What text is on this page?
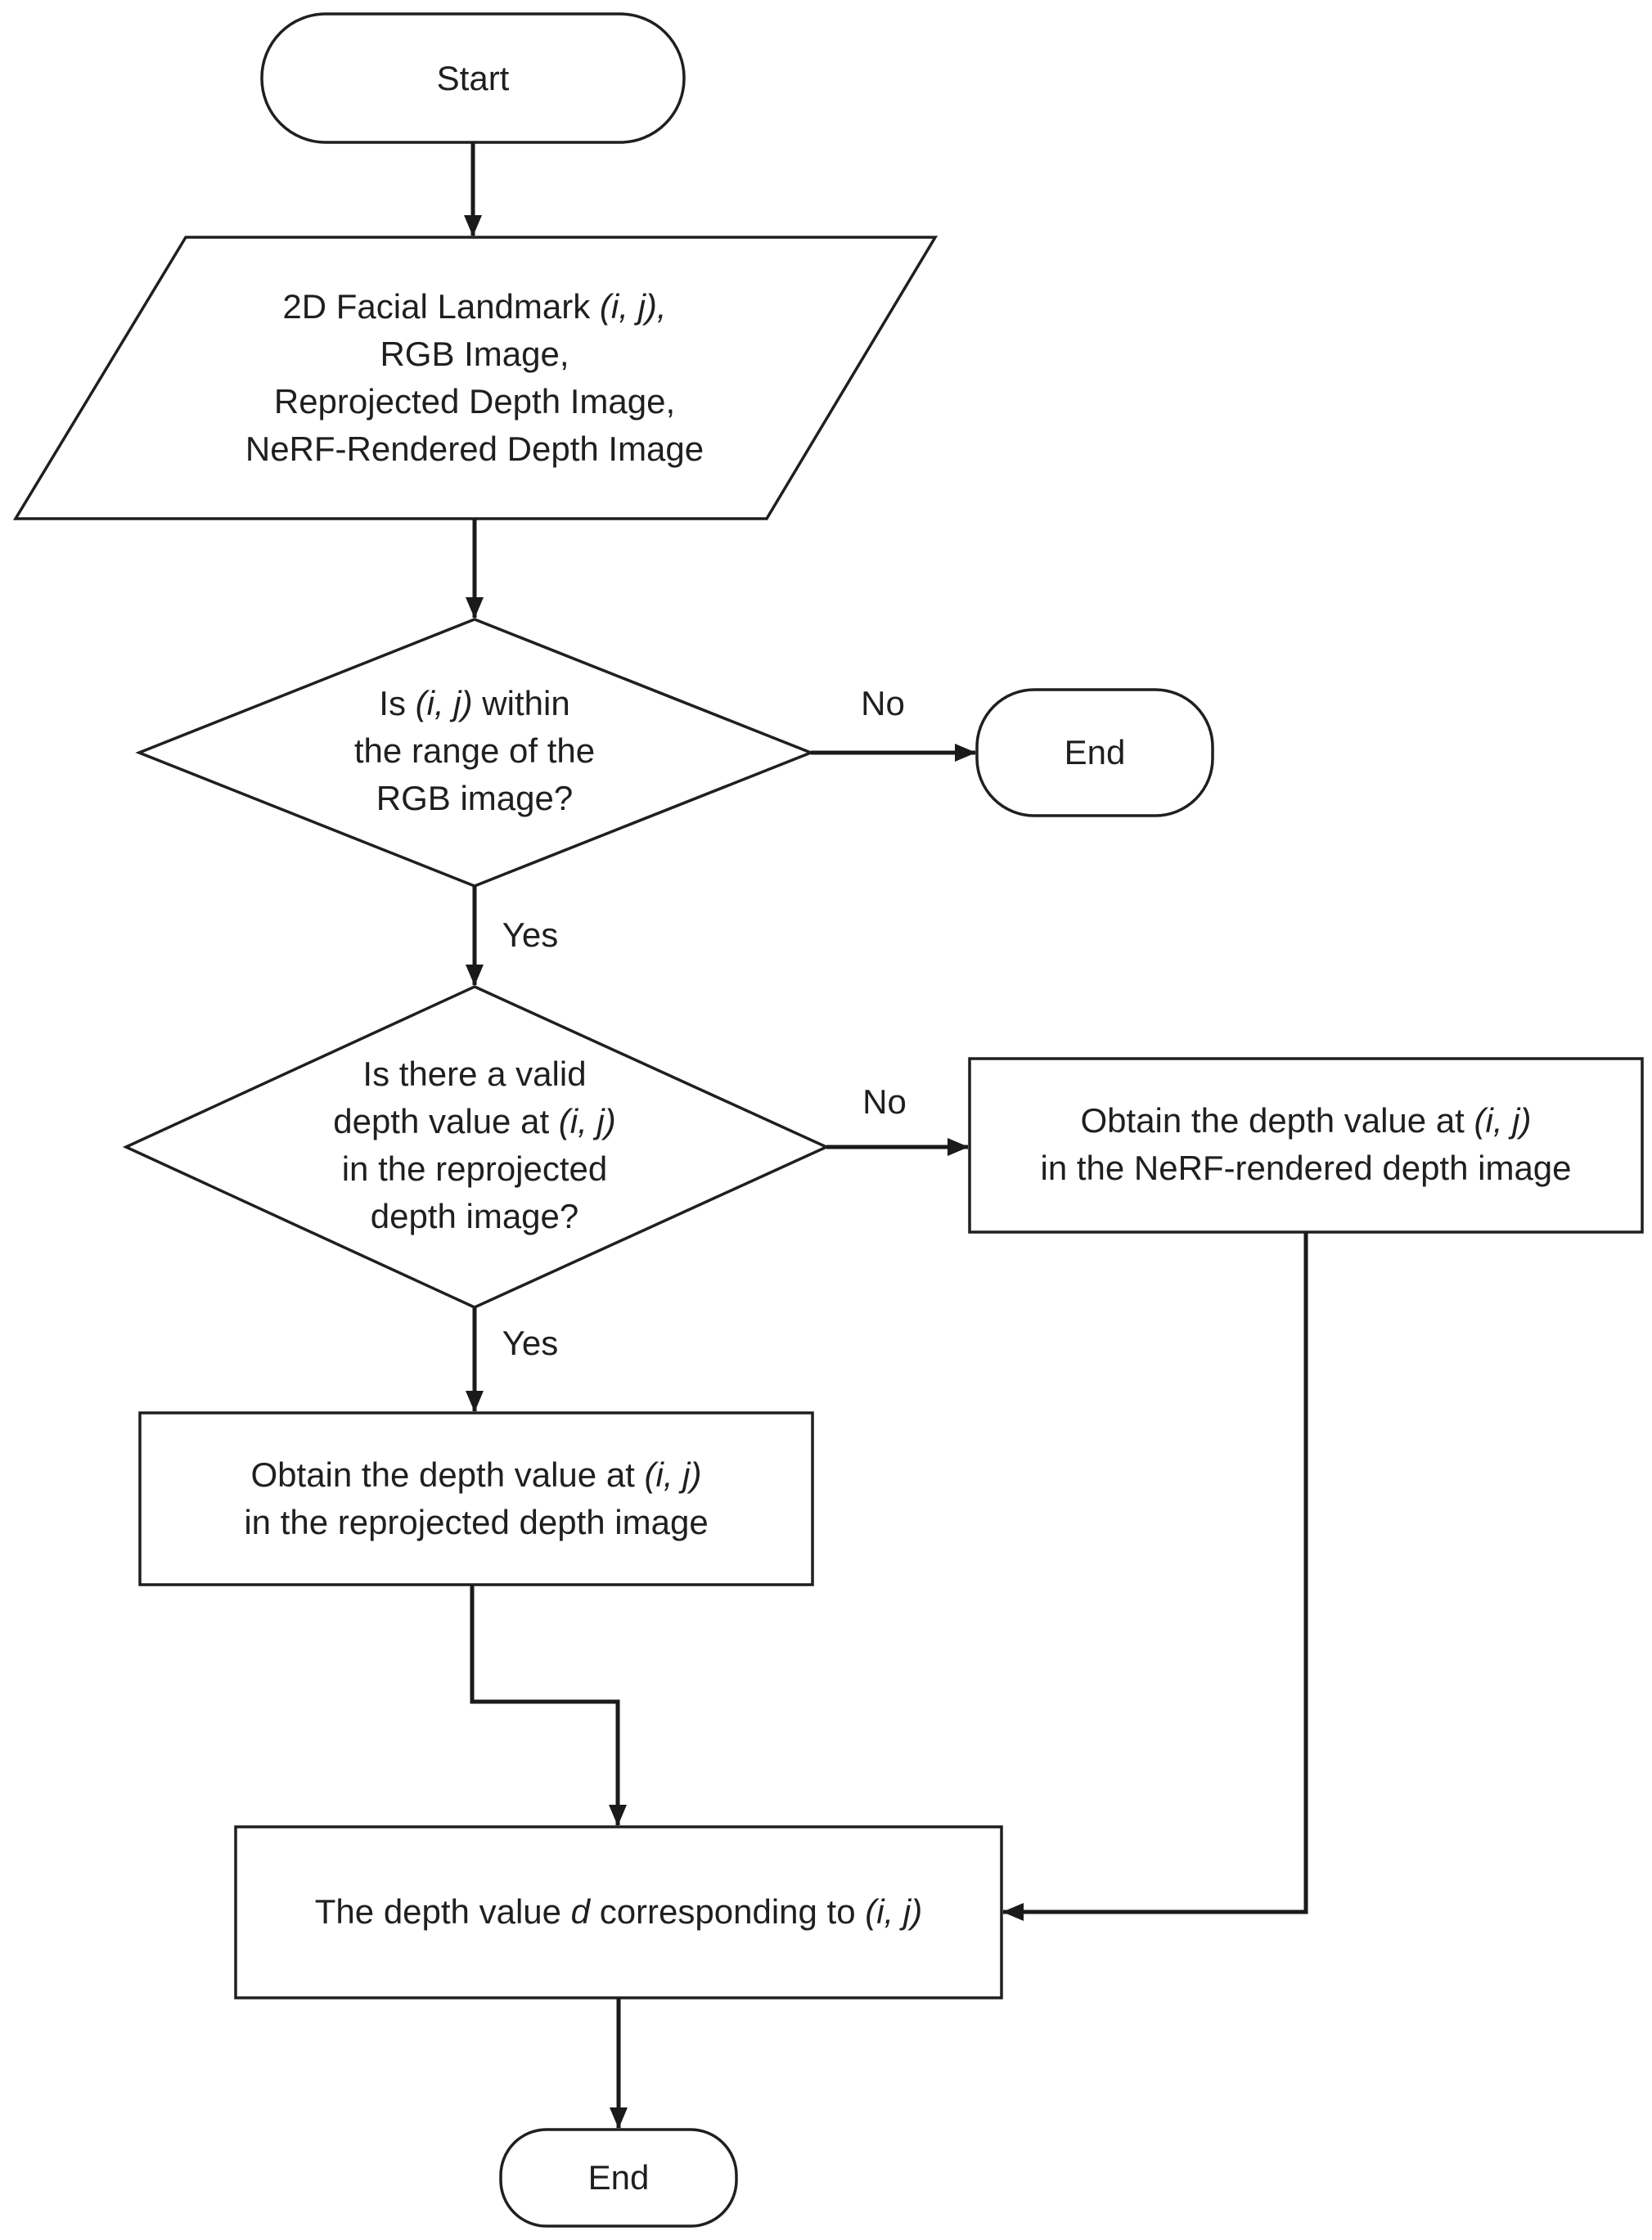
Start
2D Facial Landmark (i, j),
RGB Image,
Reprojected Depth Image,
NeRF-Rendered Depth Image
Is (i, j) within
the range of the
RGB image?
No
End
Yes
Is there a valid
depth value at (i, j)
in the reprojected
depth image?
No	Obtain the depth value at (i, j)
in the NeRF-rendered depth image
Yes
Obtain the depth value at (i, j)
in the reprojected depth image
The depth value d corresponding to (i, j)
End
